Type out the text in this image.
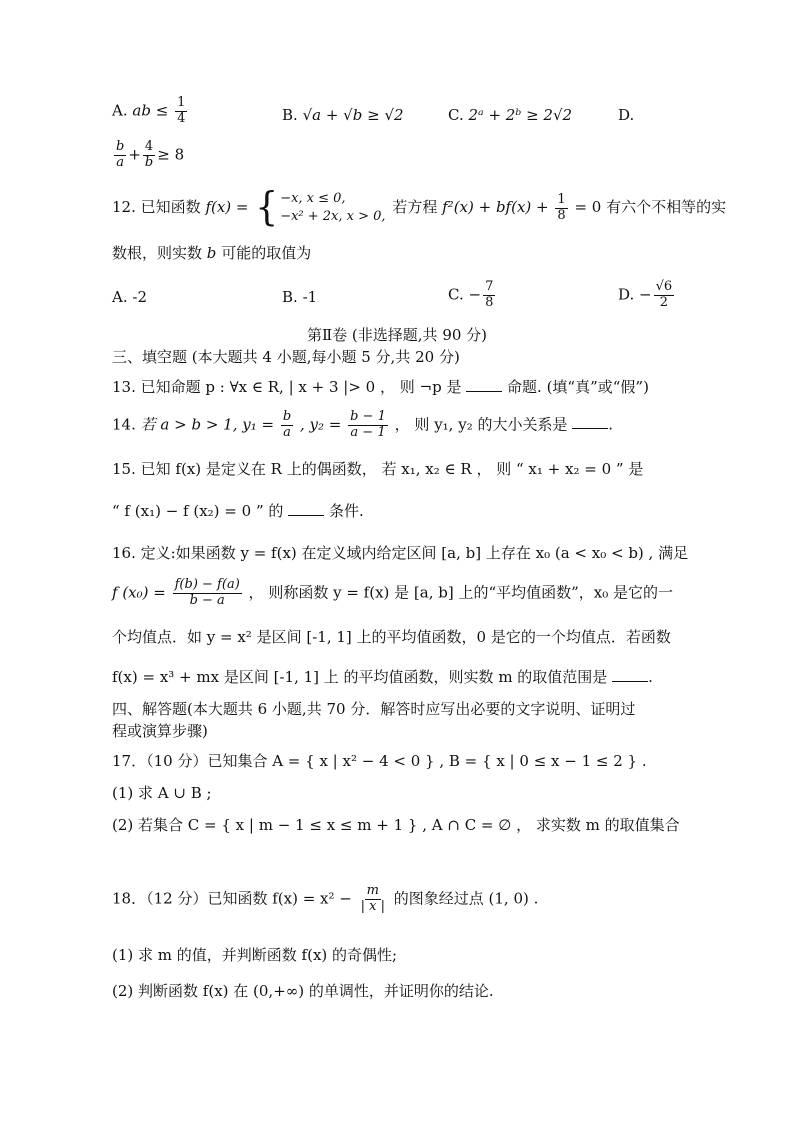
A. ab ≤ $\frac{1}{4}$	B. √a + √b ≥ √2	C. 2ᵃ + 2ᵇ ≥ 2√2	D.
$\frac{b}{a} + \frac{4}{b} \ge 8$
12. 已知函数 f(x) = { −x, x ≤ 0,
−x² + 2x, x > 0,
若方程 $f^2(x) + bf(x) + \frac{1}{8} = 0$ 有六个不相等的实
数根，则实数 b 可能的取值为
A. -2	B. -1	C. − $\frac{7}{8}$	D. − $\frac{√6}{2}$
第Ⅱ卷 (非选择题,共 90 分)
三、填空题 (本大题共 4 小题,每小题 5 分,共 20 分)
13. 已知命题 p : ∀x ∈ R, | x + 3 |> 0 ， 则 ¬p 是	命题. (填“真”或“假”)
14. 若 a > b > 1, $y_1 = \frac{b}{a}$ , $y_2 = \frac{b - 1}{a - 1}$ ， 则 y₁, y₂ 的大小关系是	.
15. 已知 f(x) 是定义在 R 上的偶函数， 若 x₁, x₂ ∈ R ， 则 “ x₁ + x₂ = 0 ” 是
“ f (x₁) − f (x₂) = 0 ” 的	条件.
16. 定义:如果函数 y = f(x) 在定义域内给定区间 [a, b] 上存在 x₀ (a < x₀ < b) , 满足
f $(x_0) = \frac{f(b) - f(a)}{b - a}$ ， 则称函数 y = f(x) 是 [a, b] 上的“平均值函数”，x₀ 是它的一
个均值点．如 y = x² 是区间 [-1, 1] 上的平均值函数，0 是它的一个均值点．若函数
f(x) = x³ + mx 是区间 [-1, 1] 上 的平均值函数，则实数 m 的取值范围是	.
四、解答题(本大题共 6 小题,共 70 分．解答时应写出必要的文字说明、证明过
程或演算步骤)
17．（10 分）已知集合 A = { x | x² − 4 < 0 } , B = { x | 0 ≤ x − 1 ≤ 2 } .
(1) 求 A ∪ B ;
(2) 若集合 C = { x | m − 1 ≤ x ≤ m + 1 } , A ∩ C = ∅ ， 求实数 m 的取值集合
18．（12 分）已知函数 $f(x) = x^2 - \frac{m}{| x |}$ 的图象经过点 (1, 0) .
(1) 求 m 的值，并判断函数 f(x) 的奇偶性;
(2) 判断函数 f(x) 在 (0,+∞) 的单调性，并证明你的结论.
